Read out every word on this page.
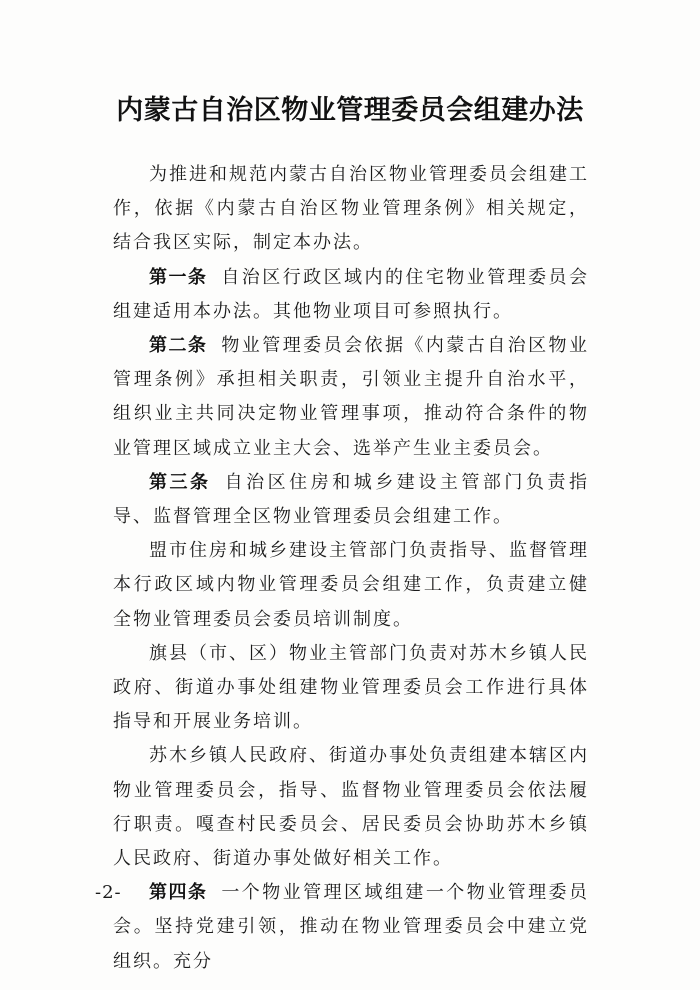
内蒙古自治区物业管理委员会组建办法

为推进和规范内蒙古自治区物业管理委员会组建工作，依据《内蒙古自治区物业管理条例》相关规定，结合我区实际，制定本办法。

第一条 自治区行政区域内的住宅物业管理委员会组建适用本办法。其他物业项目可参照执行。

第二条 物业管理委员会依据《内蒙古自治区物业管理条例》承担相关职责，引领业主提升自治水平，组织业主共同决定物业管理事项，推动符合条件的物业管理区域成立业主大会、选举产生业主委员会。

第三条 自治区住房和城乡建设主管部门负责指导、监督管理全区物业管理委员会组建工作。

盟市住房和城乡建设主管部门负责指导、监督管理本行政区域内物业管理委员会组建工作，负责建立健全物业管理委员会委员培训制度。

旗县（市、区）物业主管部门负责对苏木乡镇人民政府、街道办事处组建物业管理委员会工作进行具体指导和开展业务培训。

苏木乡镇人民政府、街道办事处负责组建本辖区内物业管理委员会，指导、监督物业管理委员会依法履行职责。嘎查村民委员会、居民委员会协助苏木乡镇人民政府、街道办事处做好相关工作。

第四条 一个物业管理区域组建一个物业管理委员会。坚持党建引领，推动在物业管理委员会中建立党组织。充分

-2-
